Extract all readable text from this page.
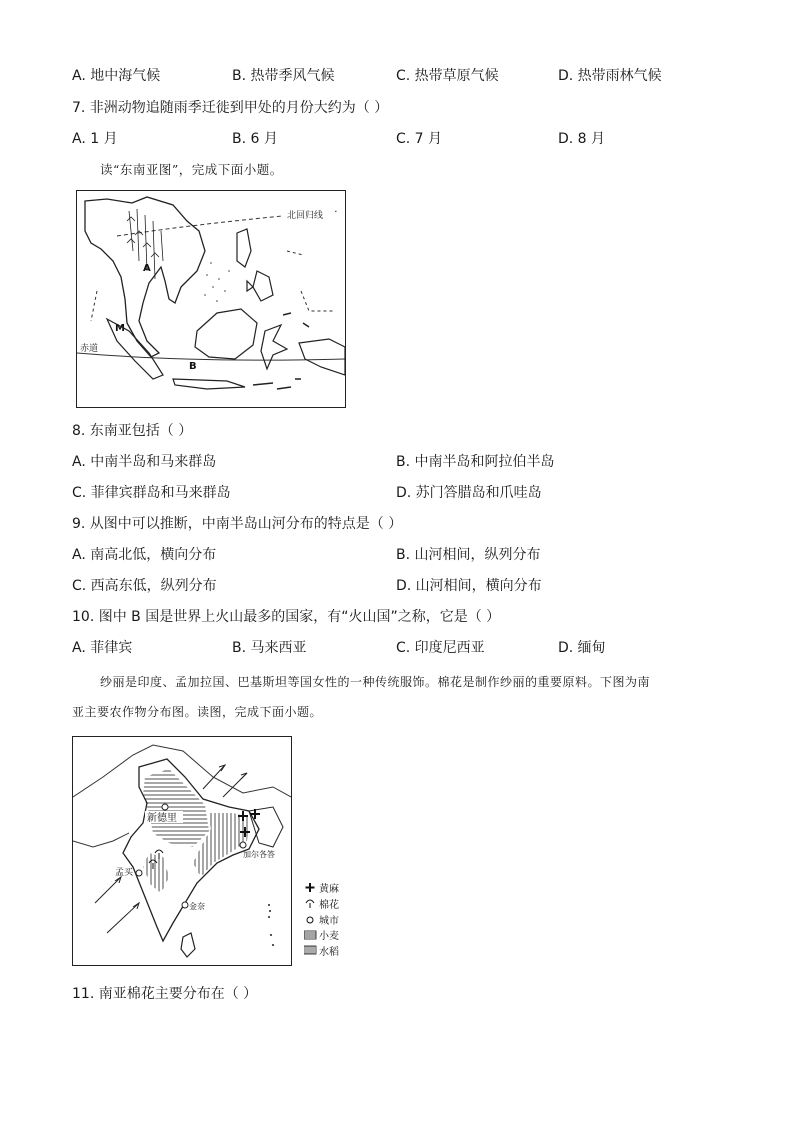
A. 地中海气候	B. 热带季风气候	C. 热带草原气候	D. 热带雨林气候
7. 非洲动物追随雨季迁徙到甲处的月份大约为（ ）
A. 1 月	B. 6 月	C. 7 月	D. 8 月
读“东南亚图”，完成下面小题。
北回归线
赤道
A
M
B
8. 东南亚包括（ ）
A. 中南半岛和马来群岛	B. 中南半岛和阿拉伯半岛
C. 菲律宾群岛和马来群岛	D. 苏门答腊岛和爪哇岛
9. 从图中可以推断，中南半岛山河分布的特点是（ ）
A. 南高北低，横向分布	B. 山河相间，纵列分布
C. 西高东低，纵列分布	D. 山河相间，横向分布
10. 图中 B 国是世界上火山最多的国家，有“火山国”之称，它是（ ）
A. 菲律宾	B. 马来西亚	C. 印度尼西亚	D. 缅甸
纱丽是印度、孟加拉国、巴基斯坦等国女性的一种传统服饰。棉花是制作纱丽的重要原料。下图为南
亚主要农作物分布图。读图，完成下面小题。
新德里
孟买
加尔各答
金奈
黄麻
棉花
城市
小麦
水稻
11. 南亚棉花主要分布在（ ）
